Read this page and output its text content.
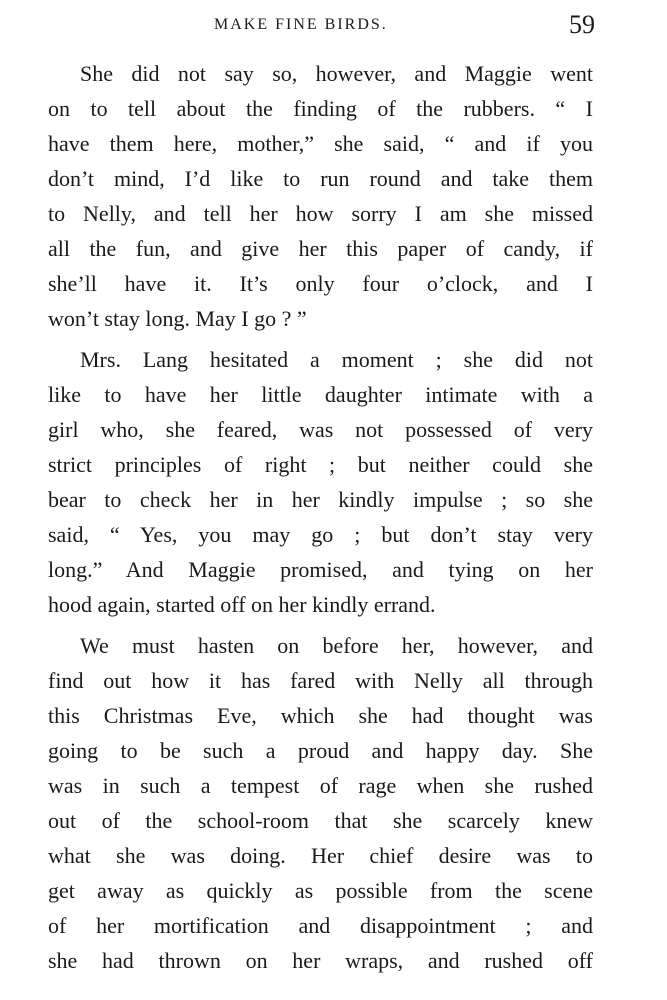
MAKE FINE BIRDS.	59
She did not say so, however, and Maggie went
on to tell about the finding of the rubbers. “ I
have them here, mother,” she said, “ and if you
don’t mind, I’d like to run round and take them
to Nelly, and tell her how sorry I am she missed
all the fun, and give her this paper of candy, if
she’ll have it. It’s only four o’clock, and I
won’t stay long. May I go ? ”
Mrs. Lang hesitated a moment ; she did not
like to have her little daughter intimate with a
girl who, she feared, was not possessed of very
strict principles of right ; but neither could she
bear to check her in her kindly impulse ; so she
said, “ Yes, you may go ; but don’t stay very
long.” And Maggie promised, and tying on her
hood again, started off on her kindly errand.
We must hasten on before her, however, and
find out how it has fared with Nelly all through
this Christmas Eve, which she had thought was
going to be such a proud and happy day. She
was in such a tempest of rage when she rushed
out of the school-room that she scarcely knew
what she was doing. Her chief desire was to
get away as quickly as possible from the scene
of her mortification and disappointment ; and
she had thrown on her wraps, and rushed off
